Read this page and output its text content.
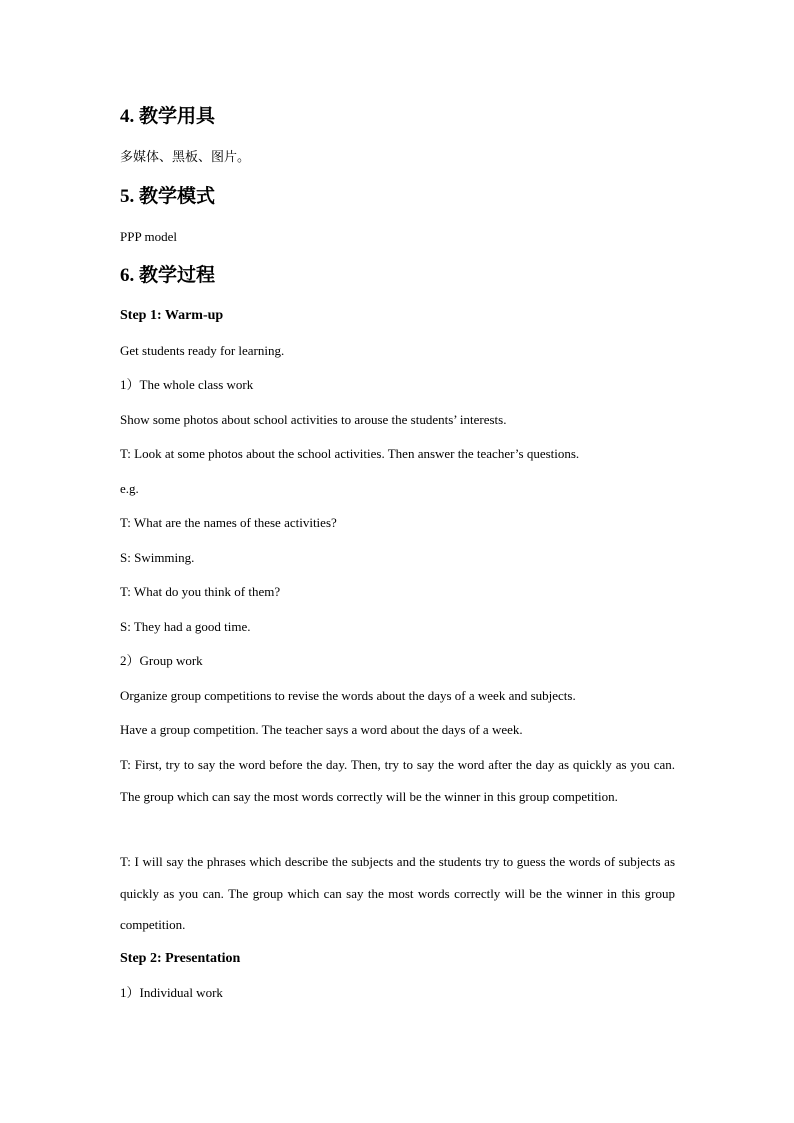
4. 教学用具

多媒体、黑板、图片。

5. 教学模式

PPP model

6. 教学过程

Step 1: Warm-up

Get students ready for learning.

1）The whole class work

Show some photos about school activities to arouse the students’ interests.

T: Look at some photos about the school activities. Then answer the teacher’s questions.

e.g.

T: What are the names of these activities?

S: Swimming.

T: What do you think of them?

S: They had a good time.

2）Group work

Organize group competitions to revise the words about the days of a week and subjects.

Have a group competition. The teacher says a word about the days of a week.

T: First, try to say the word before the day. Then, try to say the word after the day as quickly as you can. The group which can say the most words correctly will be the winner in this group competition.

T: I will say the phrases which describe the subjects and the students try to guess the words of subjects as quickly as you can. The group which can say the most words correctly will be the winner in this group competition.

Step 2: Presentation

1）Individual work
